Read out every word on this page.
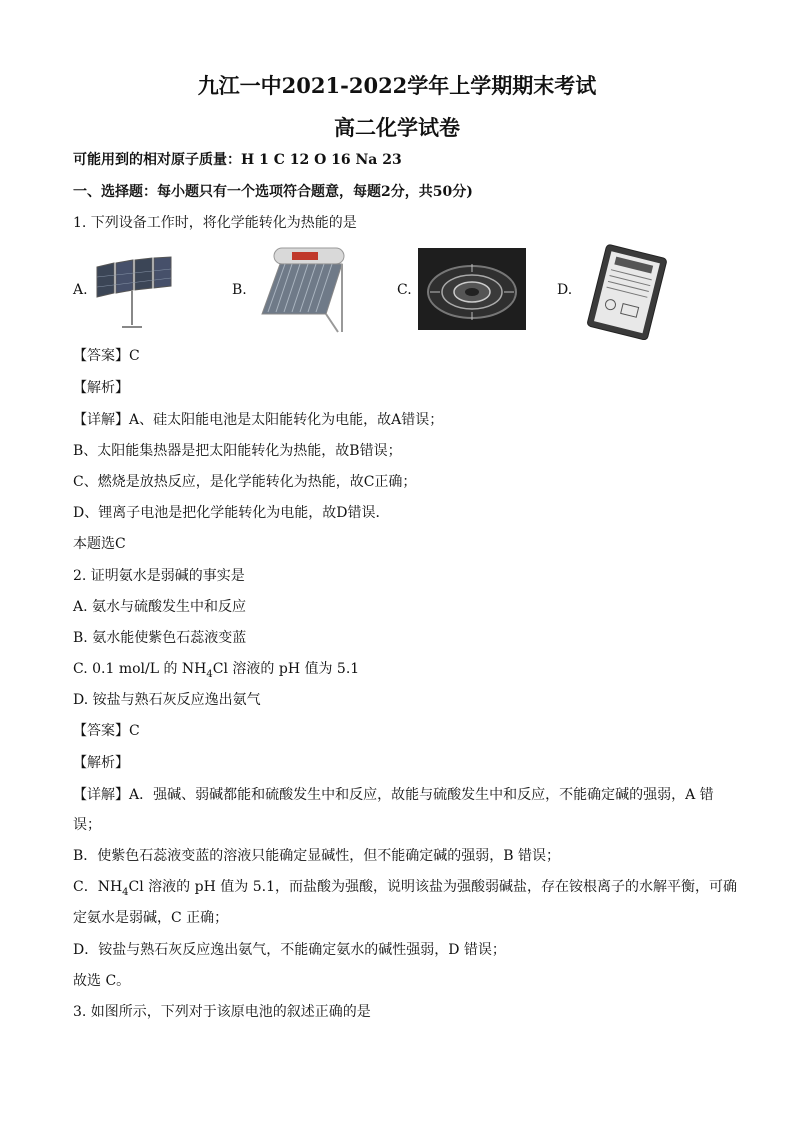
九江一中2021-2022学年上学期期末考试
高二化学试卷
可能用到的相对原子质量：H 1 C 12 O 16 Na 23
一、选择题：每小题只有一个选项符合题意，每题2分，共50分)
1. 下列设备工作时，将化学能转化为热能的是
A.	B.	C.	D.
【答案】C
【解析】
【详解】A、硅太阳能电池是太阳能转化为电能，故A错误；
B、太阳能集热器是把太阳能转化为热能，故B错误；
C、燃烧是放热反应，是化学能转化为热能，故C正确；
D、锂离子电池是把化学能转化为电能，故D错误．
本题选C
2. 证明氨水是弱碱的事实是
A. 氨水与硫酸发生中和反应
B. 氨水能使紫色石蕊液变蓝
C. 0.1 mol/L 的 $NH_4Cl$ 溶液的 pH 值为 5.1
D. 铵盐与熟石灰反应逸出氨气
【答案】C
【解析】
【详解】A．强碱、弱碱都能和硫酸发生中和反应，故能与硫酸发生中和反应，不能确定碱的强弱，A 错
误；
B．使紫色石蕊液变蓝的溶液只能确定显碱性，但不能确定碱的强弱，B 错误；
C．$NH_4Cl$ 溶液的 pH 值为 5.1，而盐酸为强酸，说明该盐为强酸弱碱盐，存在铵根离子的水解平衡，可确
定氨水是弱碱，C 正确；
D．铵盐与熟石灰反应逸出氨气，不能确定氨水的碱性强弱，D 错误；
故选 C。
3. 如图所示，下列对于该原电池的叙述正确的是
